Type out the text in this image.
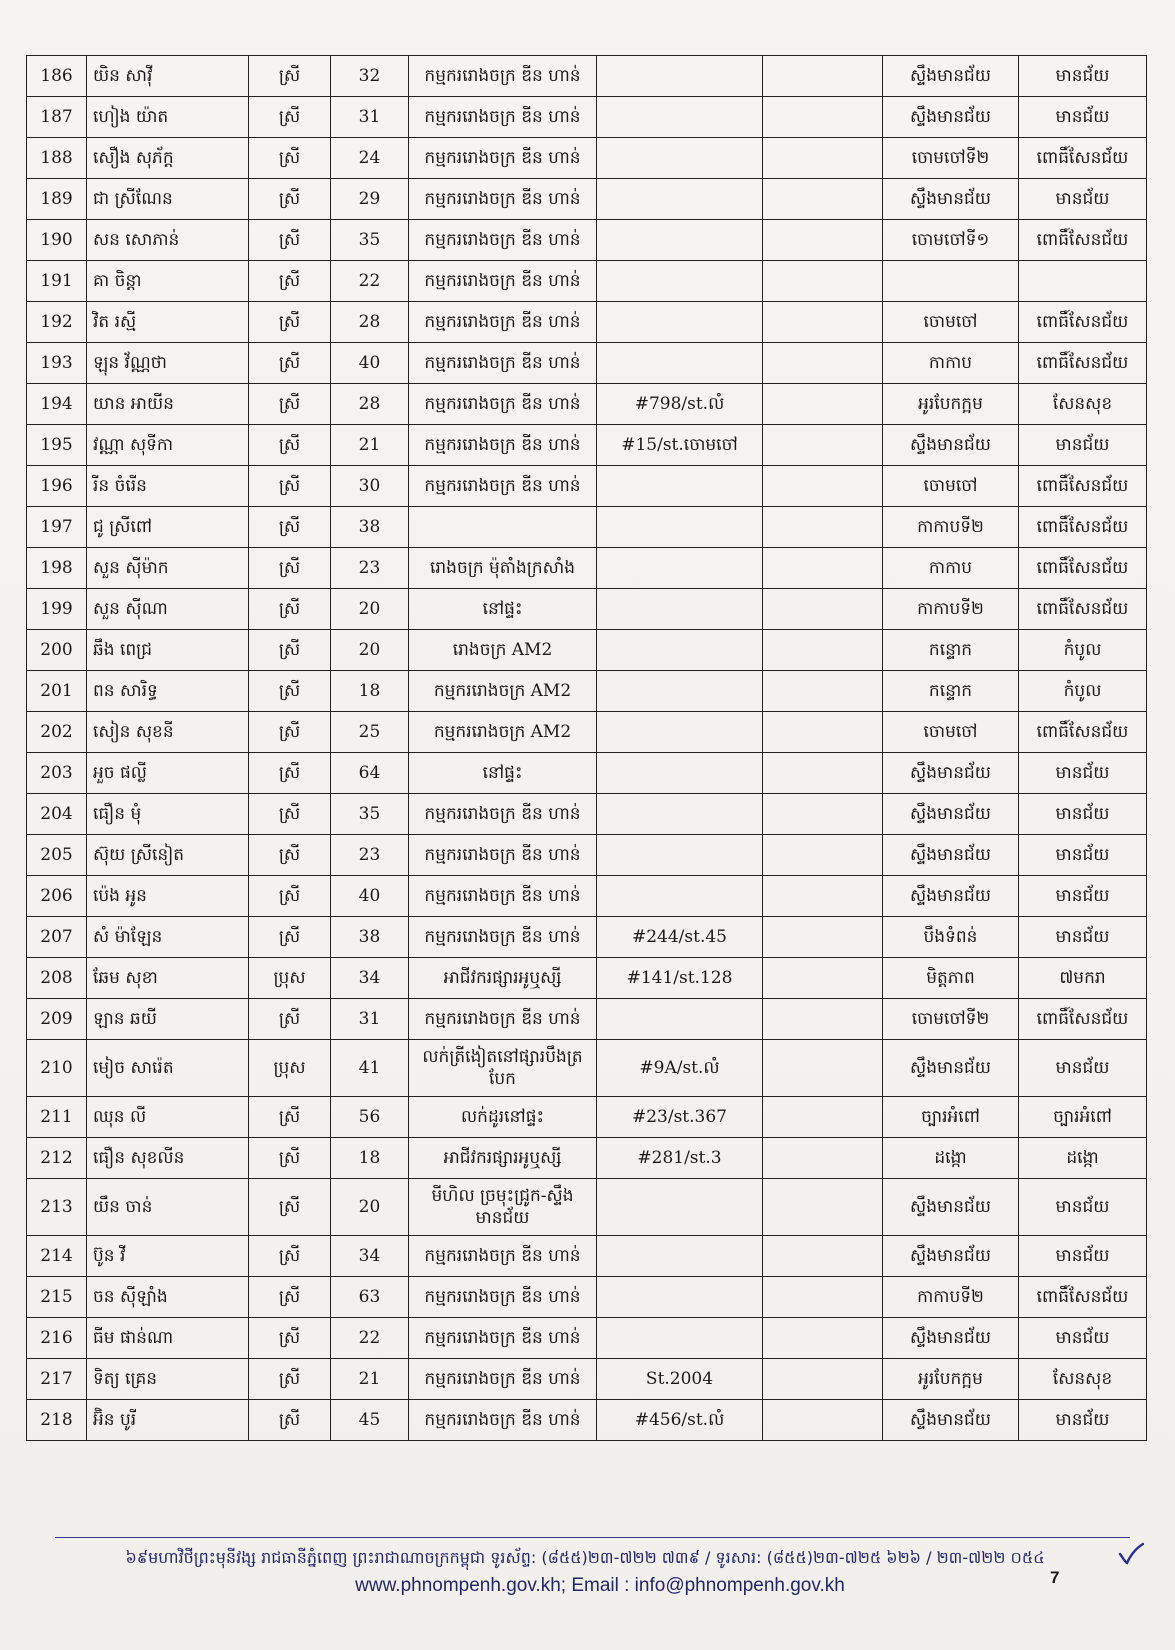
186	យិន សាវ៉ី	ស្រី	32	កម្មកររោងចក្រ ឌីន ហាន់			ស្ទឹងមានជ័យ	មានជ័យ
187	ហៀង យ៉ាត	ស្រី	31	កម្មកររោងចក្រ ឌីន ហាន់			ស្ទឹងមានជ័យ	មានជ័យ
188	សឿង សុភ័ក្ត	ស្រី	24	កម្មកររោងចក្រ ឌីន ហាន់			ចោមចៅទី២	ពោធិ៍សែនជ័យ
189	ជា ស្រីណែន	ស្រី	29	កម្មកររោងចក្រ ឌីន ហាន់			ស្ទឹងមានជ័យ	មានជ័យ
190	សន សោភាន់	ស្រី	35	កម្មកររោងចក្រ ឌីន ហាន់			ចោមចៅទី១	ពោធិ៍សែនជ័យ
191	គា ចិន្តា	ស្រី	22	កម្មកររោងចក្រ ឌីន ហាន់				
192	វិត រស្មី	ស្រី	28	កម្មកររោងចក្រ ឌីន ហាន់			ចោមចៅ	ពោធិ៍សែនជ័យ
193	ឡុន វ័ណ្ណថា	ស្រី	40	កម្មកររោងចក្រ ឌីន ហាន់			កាកាប	ពោធិ៍សែនជ័យ
194	យាន អាយីន	ស្រី	28	កម្មកររោងចក្រ ឌីន ហាន់	#798/st.លំ		អូរបែកក្អម	សែនសុខ
195	វណ្ណា សុទីកា	ស្រី	21	កម្មកររោងចក្រ ឌីន ហាន់	#15/st.ចោមចៅ		ស្ទឹងមានជ័យ	មានជ័យ
196	រីន ចំរើន	ស្រី	30	កម្មកររោងចក្រ ឌីន ហាន់			ចោមចៅ	ពោធិ៍សែនជ័យ
197	ជូ ស្រីពៅ	ស្រី	38				កាកាបទី២	ពោធិ៍សែនជ័យ
198	សួន ស៊ីម៉ាក	ស្រី	23	រោងចក្រ ម៉ុតាំងក្រសាំង			កាកាប	ពោធិ៍សែនជ័យ
199	សួន ស៊ីណា	ស្រី	20	នៅផ្ទះ			កាកាបទី២	ពោធិ៍សែនជ័យ
200	ឆឹង ពេជ្រ	ស្រី	20	រោងចក្រ AM2			កន្ទោក	កំបូល
201	ពន សារិទ្ធ	ស្រី	18	កម្មកររោងចក្រ AM2			កន្ទោក	កំបូល
202	សៀន សុខនី	ស្រី	25	កម្មកររោងចក្រ AM2			ចោមចៅ	ពោធិ៍សែនជ័យ
203	អួច ផល្លី	ស្រី	64	នៅផ្ទះ			ស្ទឹងមានជ័យ	មានជ័យ
204	ធឿន មុំ	ស្រី	35	កម្មកររោងចក្រ ឌីន ហាន់			ស្ទឹងមានជ័យ	មានជ័យ
205	ស៊ុយ ស្រីនៀត	ស្រី	23	កម្មកររោងចក្រ ឌីន ហាន់			ស្ទឹងមានជ័យ	មានជ័យ
206	ប៉េង អូន	ស្រី	40	កម្មកររោងចក្រ ឌីន ហាន់			ស្ទឹងមានជ័យ	មានជ័យ
207	សំ ម៉ាឡែន	ស្រី	38	កម្មកររោងចក្រ ឌីន ហាន់	#244/st.45		បឹងទំពន់	មានជ័យ
208	ឆែម សុខា	ប្រុស	34	អាជីវករផ្សារអូឬស្សី	#141/st.128		មិត្តភាព	៧មករា
209	ឡាន ឆយី	ស្រី	31	កម្មកររោងចក្រ ឌីន ហាន់			ចោមចៅទី២	ពោធិ៍សែនជ័យ
210	មៀច សារ៉េត	ប្រុស	41	លក់ត្រីងៀតនៅផ្សារបឹងត្របែក	#9A/st.លំ		ស្ទឹងមានជ័យ	មានជ័យ
211	ឈុន លី	ស្រី	56	លក់ដូរនៅផ្ទះ	#23/st.367		ច្បារអំពៅ	ច្បារអំពៅ
212	ធឿន សុខលីន	ស្រី	18	អាជីវករផ្សារអូឬស្សី	#281/st.3		ដង្កោ	ដង្កោ
213	យឹន ចាន់	ស្រី	20	មីហិល ច្រមុះជ្រូក-ស្ទឹងមានជ័យ			ស្ទឹងមានជ័យ	មានជ័យ
214	ប៊ូន វី	ស្រី	34	កម្មកររោងចក្រ ឌីន ហាន់			ស្ទឹងមានជ័យ	មានជ័យ
215	ចន ស៊ីឡាំង	ស្រី	63	កម្មកររោងចក្រ ឌីន ហាន់			កាកាបទី២	ពោធិ៍សែនជ័យ
216	ធីម ផាន់ណា	ស្រី	22	កម្មកររោងចក្រ ឌីន ហាន់			ស្ទឹងមានជ័យ	មានជ័យ
217	ទិត្យ គ្រេន	ស្រី	21	កម្មកររោងចក្រ ឌីន ហាន់	St.2004		អូរបែកក្អម	សែនសុខ
218	អ៊ិន បូរី	ស្រី	45	កម្មកររោងចក្រ ឌីន ហាន់	#456/st.លំ		ស្ទឹងមានជ័យ	មានជ័យ
៦៩មហាវិថីព្រះមុនីវង្ស រាជធានីភ្នំពេញ ព្រះរាជាណាចក្រកម្ពុជា ទូរស័ព្ទ: (៨៥៥)២៣-៧២២ ៧៣៩ / ទូរសារ: (៨៥៥)២៣-៧២៥ ៦២៦ / ២៣-៧២២ ០៥៤
www.phnompenh.gov.kh; Email : info@phnompenh.gov.kh	7
